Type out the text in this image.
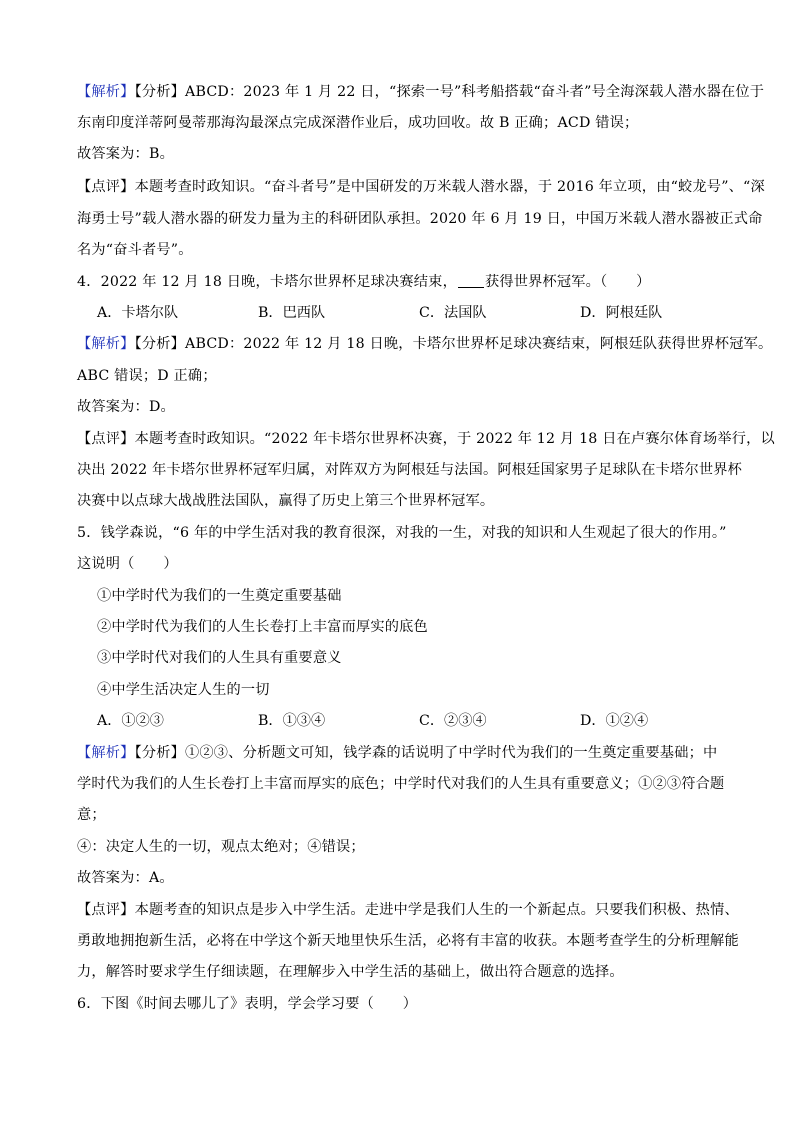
【解析】【分析】ABCD：2023 年 1 月 22 日，“探索一号”科考船搭载“奋斗者”号全海深载人潜水器在位于
东南印度洋蒂阿曼蒂那海沟最深点完成深潜作业后，成功回收。故 B 正确；ACD 错误；
故答案为：B。
【点评】本题考查时政知识。“奋斗者号”是中国研发的万米载人潜水器，于 2016 年立项，由“蛟龙号”、“深
海勇士号”载人潜水器的研发力量为主的科研团队承担。2020 年 6 月 19 日，中国万米载人潜水器被正式命
名为“奋斗者号”。
4．2022 年 12 月 18 日晚，卡塔尔世界杯足球决赛结束， 获得世界杯冠军。（　　）
A．卡塔尔队	B．巴西队	C．法国队	D．阿根廷队
【解析】【分析】ABCD：2022 年 12 月 18 日晚，卡塔尔世界杯足球决赛结束，阿根廷队获得世界杯冠军。
ABC 错误；D 正确；
故答案为：D。
【点评】本题考查时政知识。“2022 年卡塔尔世界杯决赛，于 2022 年 12 月 18 日在卢赛尔体育场举行，以
决出 2022 年卡塔尔世界杯冠军归属，对阵双方为阿根廷与法国。阿根廷国家男子足球队在卡塔尔世界杯
决赛中以点球大战战胜法国队，赢得了历史上第三个世界杯冠军。
5．钱学森说，“6 年的中学生活对我的教育很深，对我的一生，对我的知识和人生观起了很大的作用。”
这说明（　　）
①中学时代为我们的一生奠定重要基础
②中学时代为我们的人生长卷打上丰富而厚实的底色
③中学时代对我们的人生具有重要意义
④中学生活决定人生的一切
A．①②③	B．①③④	C．②③④	D．①②④
【解析】【分析】①②③、分析题文可知，钱学森的话说明了中学时代为我们的一生奠定重要基础；中
学时代为我们的人生长卷打上丰富而厚实的底色；中学时代对我们的人生具有重要意义；①②③符合题
意；
④：决定人生的一切，观点太绝对；④错误；
故答案为：A。
【点评】本题考查的知识点是步入中学生活。走进中学是我们人生的一个新起点。只要我们积极、热情、
勇敢地拥抱新生活，必将在中学这个新天地里快乐生活，必将有丰富的收获。本题考查学生的分析理解能
力，解答时要求学生仔细读题，在理解步入中学生活的基础上，做出符合题意的选择。
6．下图《时间去哪儿了》表明，学会学习要（　　）
